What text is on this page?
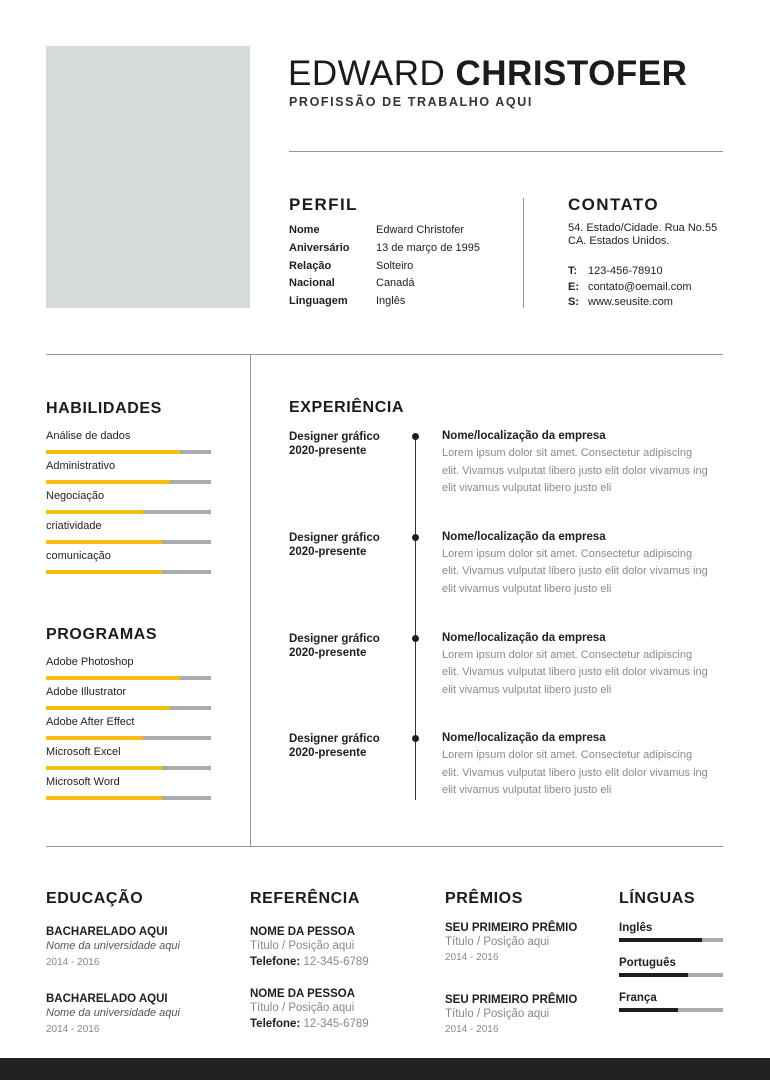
EDWARD CHRISTOFER
PROFISSÃO DE TRABALHO AQUI
PERFIL
Nome	Edward Christofer
Aniversário	13 de março de 1995
Relação	Solteiro
Nacional	Canadá
Linguagem	Inglês
CONTATO
54. Estado/Cidade. Rua No.55
CA. Estados Unidos.
T: 123-456-78910
E: contato@oemail.com
S: www.seusite.com
HABILIDADES
Análise de dados
Administrativo
Negociação
criatividade
comunicação
PROGRAMAS
Adobe Photoshop
Adobe Illustrator
Adobe After Effect
Microsoft Excel
Microsoft Word
EXPERIÊNCIA
Designer gráfico
2020-presente
Nome/localização da empresa
Lorem ipsum dolor sit amet. Consectetur adipiscing elit. Vivamus vulputat libero justo elit dolor vivamus ing elit vivamus vulputat libero justo eli
Designer gráfico
2020-presente
Nome/localização da empresa
Lorem ipsum dolor sit amet. Consectetur adipiscing elit. Vivamus vulputat libero justo elit dolor vivamus ing elit vivamus vulputat libero justo eli
Designer gráfico
2020-presente
Nome/localização da empresa
Lorem ipsum dolor sit amet. Consectetur adipiscing elit. Vivamus vulputat libero justo elit dolor vivamus ing elit vivamus vulputat libero justo eli
Designer gráfico
2020-presente
Nome/localização da empresa
Lorem ipsum dolor sit amet. Consectetur adipiscing elit. Vivamus vulputat libero justo elit dolor vivamus ing elit vivamus vulputat libero justo eli
EDUCAÇÃO
BACHARELADO AQUI
Nome da universidade aqui
2014 - 2016
BACHARELADO AQUI
Nome da universidade aqui
2014 - 2016
REFERÊNCIA
NOME DA PESSOA
Título / Posição aqui
Telefone: 12-345-6789
NOME DA PESSOA
Título / Posição aqui
Telefone: 12-345-6789
PRÊMIOS
SEU PRIMEIRO PRÊMIO
Título / Posição aqui
2014 - 2016
SEU PRIMEIRO PRÊMIO
Título / Posição aqui
2014 - 2016
LÍNGUAS
Inglês
Português
França
